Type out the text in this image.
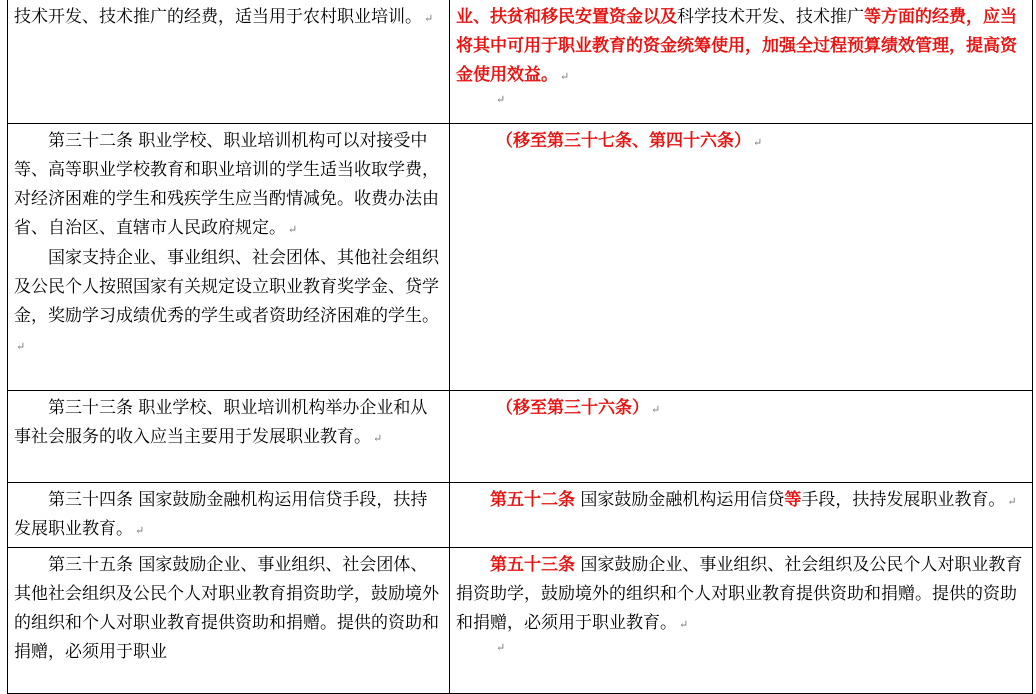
技术开发、技术推广的经费，适当用于农村职业培训。 ↵	业、扶贫和移民安置资金以及科学技术开发、技术推广等方面的经费，应当将其中可用于职业教育的资金统筹使用，加强全过程预算绩效管理，提高资金使用效益。 ↵

↵

第三十二条 职业学校、职业培训机构可以对接受中等、高等职业学校教育和职业培训的学生适当收取学费，对经济困难的学生和残疾学生应当酌情减免。收费办法由省、自治区、直辖市人民政府规定。 ↵

国家支持企业、事业组织、社会团体、其他社会组织及公民个人按照国家有关规定设立职业教育奖学金、贷学金，奖励学习成绩优秀的学生或者资助经济困难的学生。↵	（移至第三十七条、第四十六条） ↵

第三十三条 职业学校、职业培训机构举办企业和从事社会服务的收入应当主要用于发展职业教育。 ↵	（移至第三十六条） ↵

第三十四条 国家鼓励金融机构运用信贷手段，扶持发展职业教育。 ↵	第五十二条 国家鼓励金融机构运用信贷等手段，扶持发展职业教育。 ↵

第三十五条 国家鼓励企业、事业组织、社会团体、其他社会组织及公民个人对职业教育捐资助学，鼓励境外的组织和个人对职业教育提供资助和捐赠。提供的资助和捐赠，必须用于职业	第五十三条 国家鼓励企业、事业组织、社会组织及公民个人对职业教育捐资助学，鼓励境外的组织和个人对职业教育提供资助和捐赠。提供的资助和捐赠，必须用于职业教育。 ↵

↵
